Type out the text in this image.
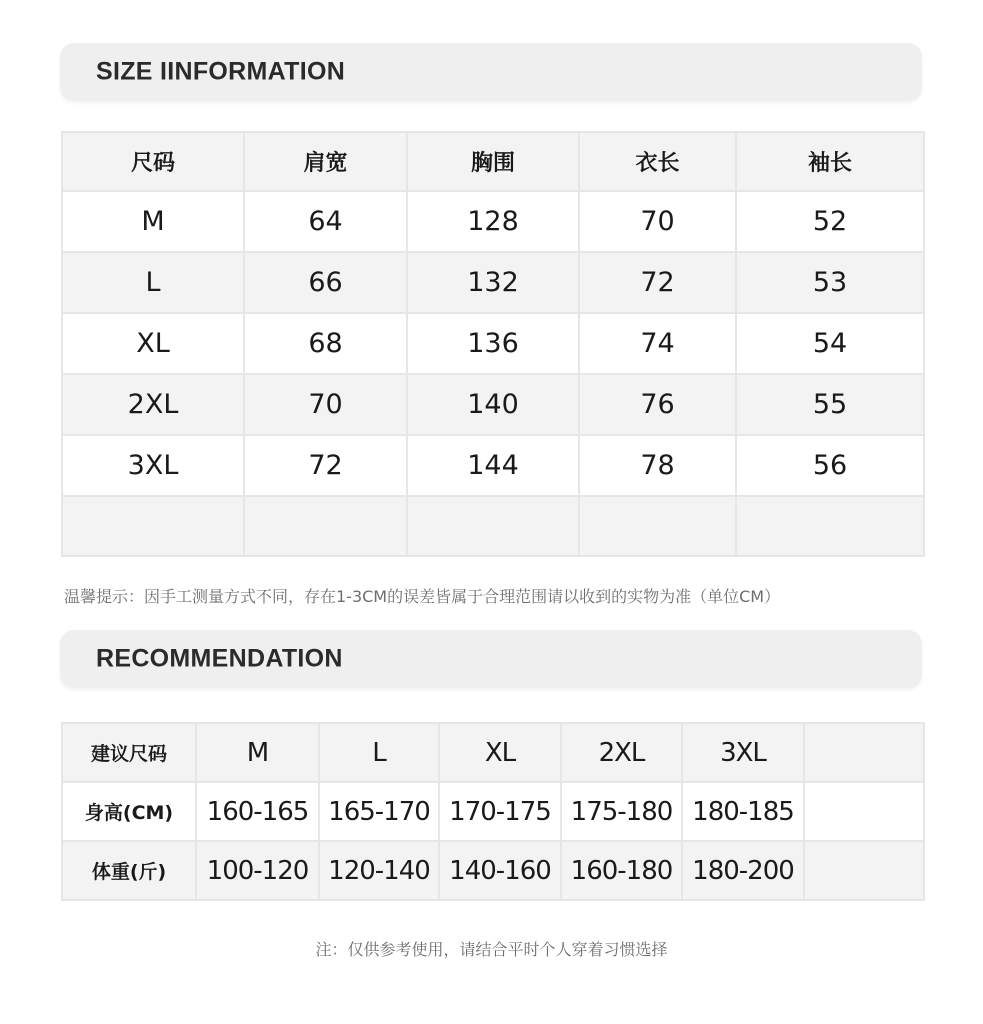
SIZE IINFORMATION
尺码	肩宽	胸围	衣长	袖长
M	64	128	70	52
L	66	132	72	53
XL	68	136	74	54
2XL	70	140	76	55
3XL	72	144	78	56

温馨提示：因手工测量方式不同，存在1-3CM的误差皆属于合理范围请以收到的实物为准（单位CM）
RECOMMENDATION
建议尺码	M	L	XL	2XL	3XL	
身高(CM)	160-165	165-170	170-175	175-180	180-185	
体重(斤)	100-120	120-140	140-160	160-180	180-200	
注：仅供参考使用，请结合平时个人穿着习惯选择
